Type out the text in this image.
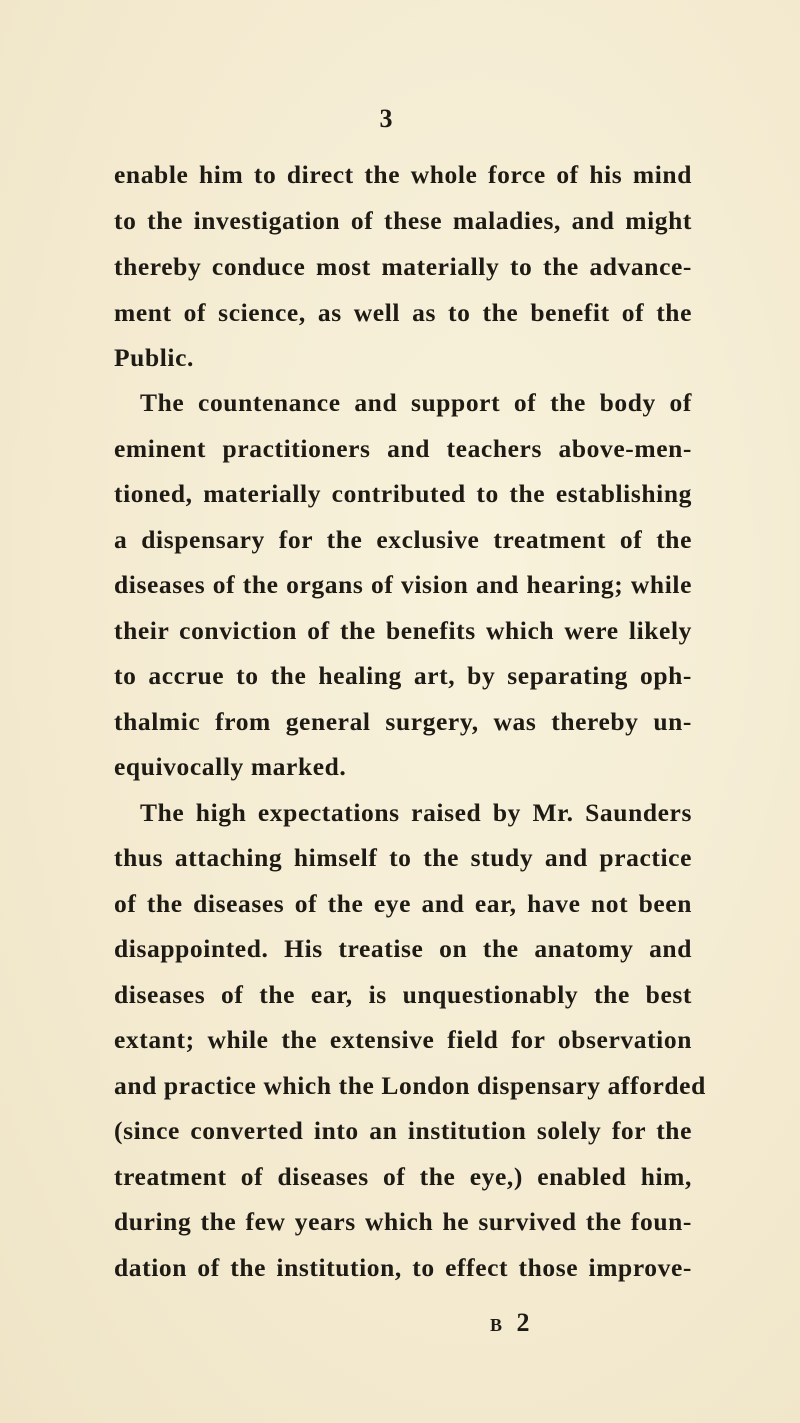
3
enable him to direct the whole force of his mind
to the investigation of these maladies, and might
thereby conduce most materially to the advance-
ment of science, as well as to the benefit of the
Public.
The countenance and support of the body of
eminent practitioners and teachers above-men-
tioned, materially contributed to the establishing
a dispensary for the exclusive treatment of the
diseases of the organs of vision and hearing; while
their conviction of the benefits which were likely
to accrue to the healing art, by separating oph-
thalmic from general surgery, was thereby un-
equivocally marked.
The high expectations raised by Mr. Saunders
thus attaching himself to the study and practice
of the diseases of the eye and ear, have not been
disappointed. His treatise on the anatomy and
diseases of the ear, is unquestionably the best
extant; while the extensive field for observation
and practice which the London dispensary afforded
(since converted into an institution solely for the
treatment of diseases of the eye,) enabled him,
during the few years which he survived the foun-
dation of the institution, to effect those improve-
B 2
